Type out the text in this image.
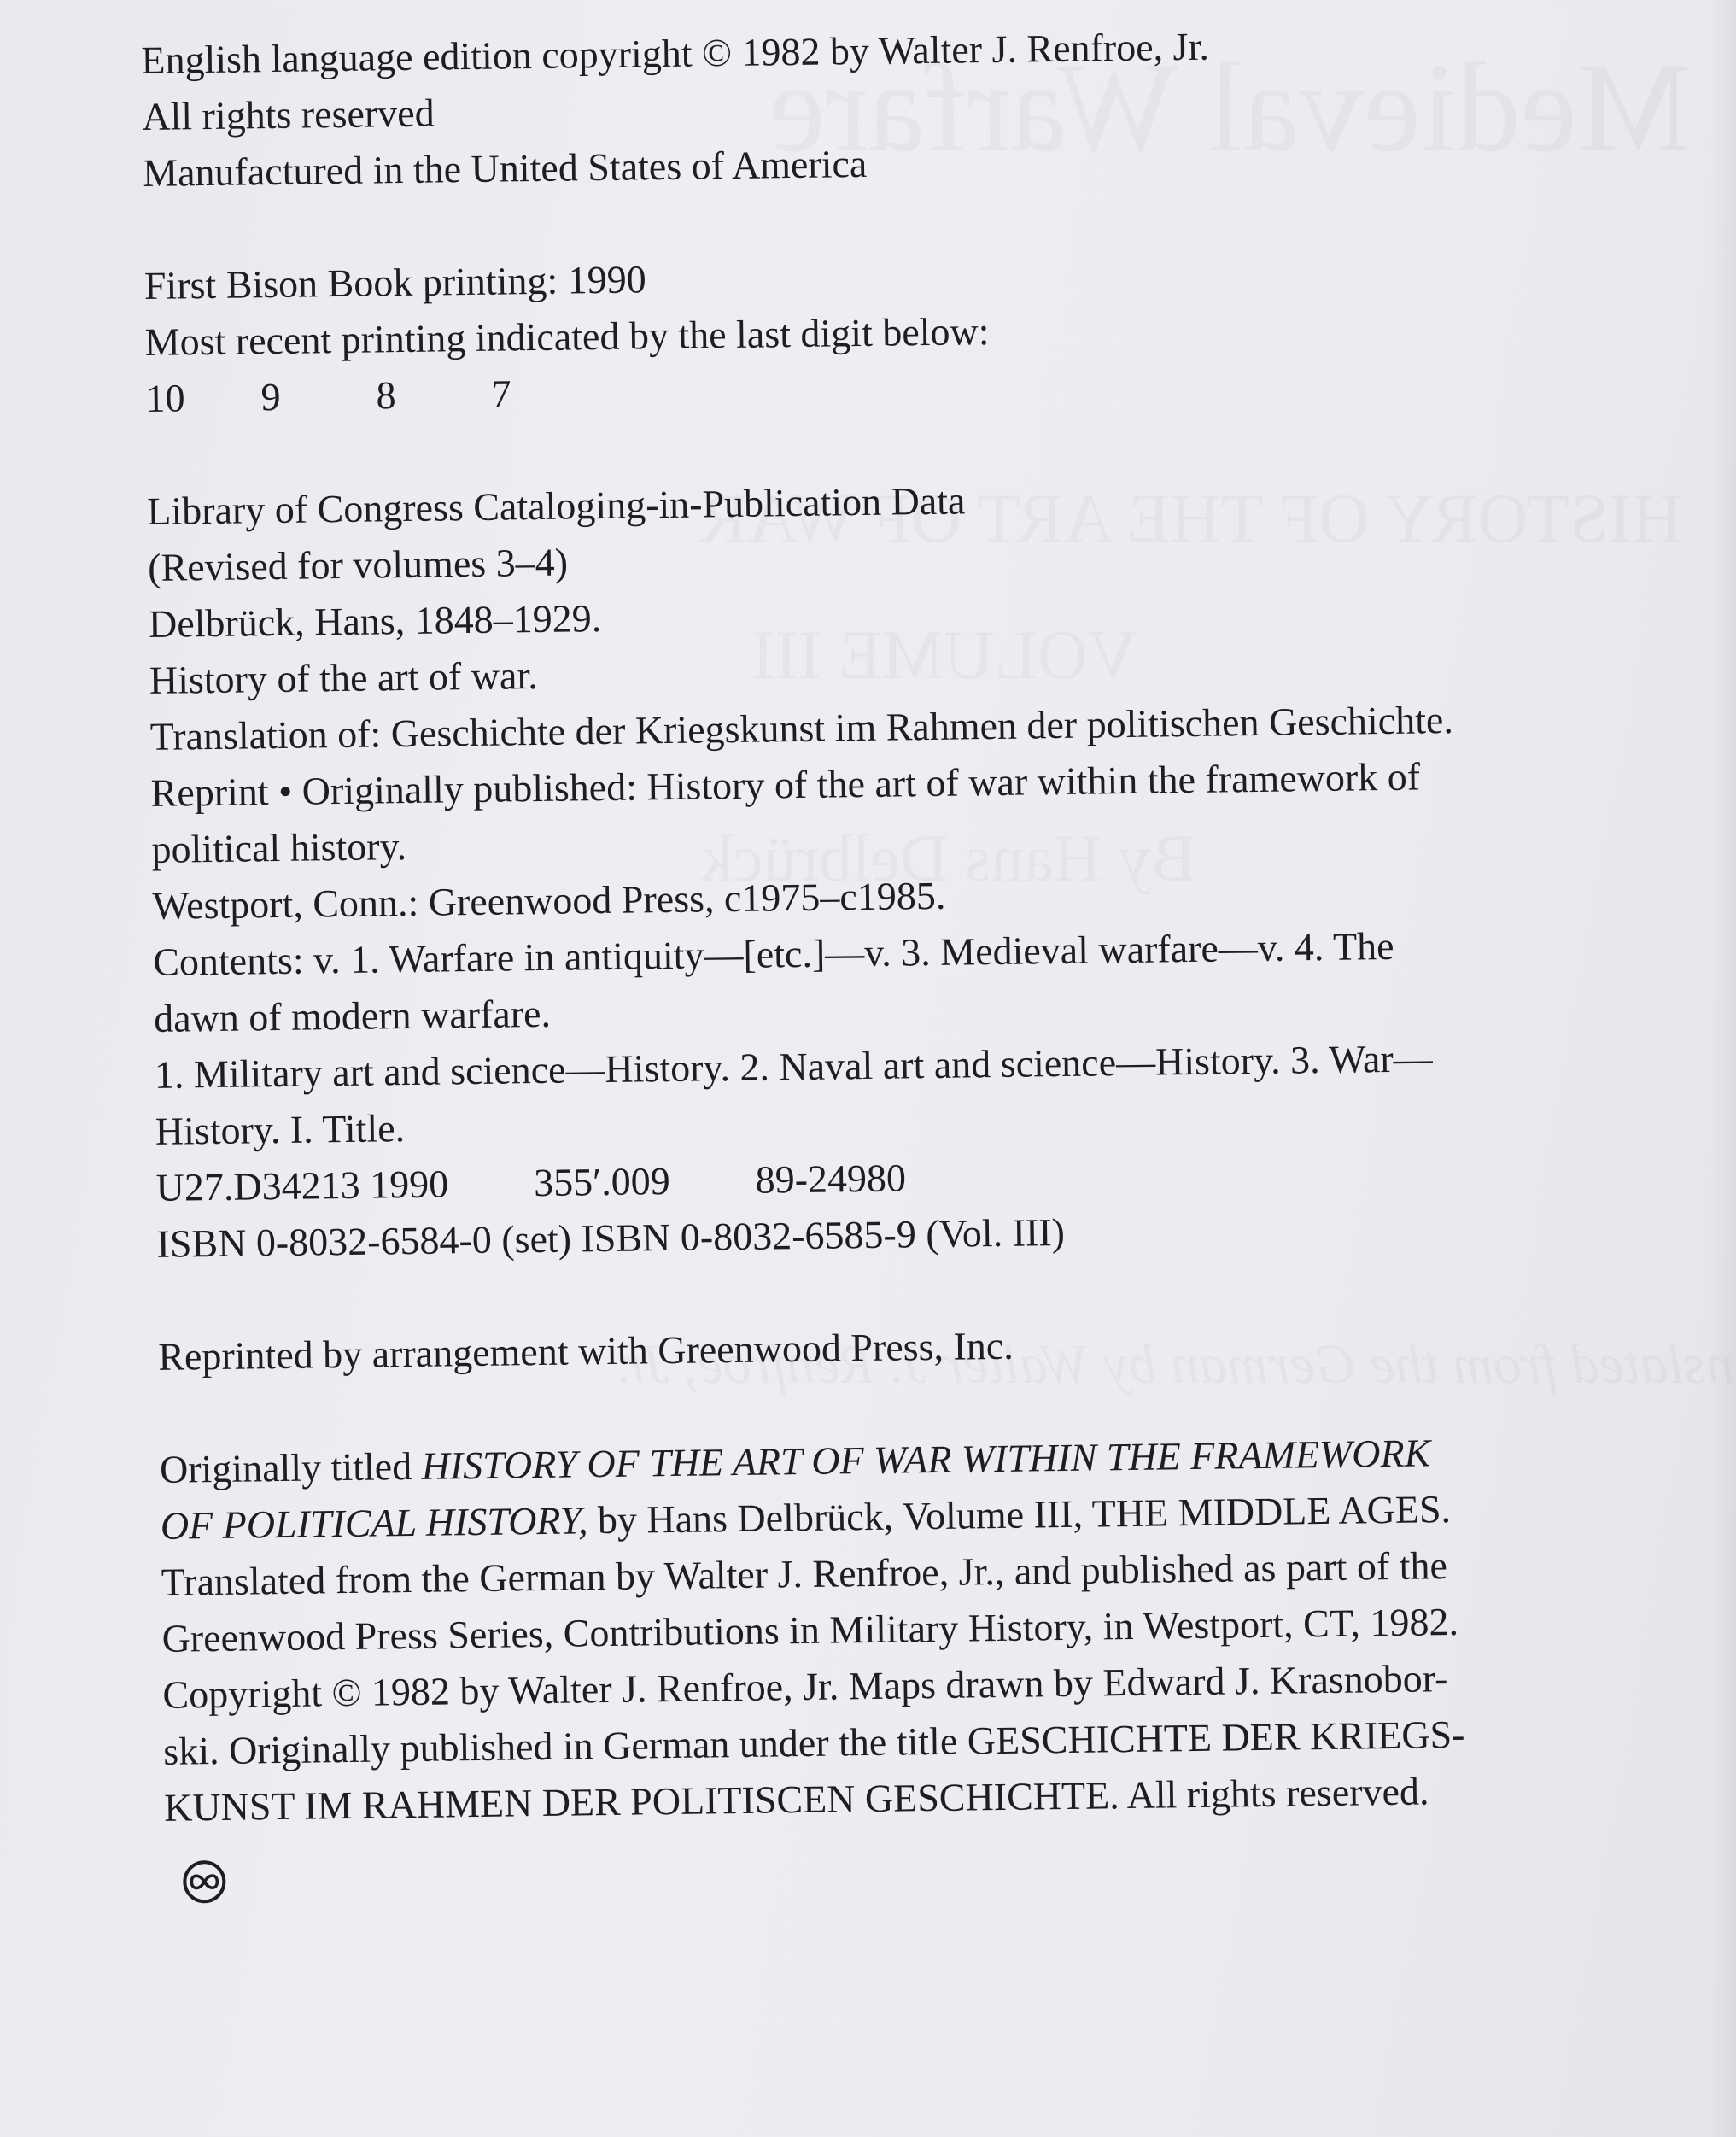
English language edition copyright © 1982 by Walter J. Renfroe, Jr.
All rights reserved
Manufactured in the United States of America
First Bison Book printing: 1990
Most recent printing indicated by the last digit below:
10 9 8 7
Library of Congress Cataloging-in-Publication Data
(Revised for volumes 3–4)
Delbrück, Hans, 1848–1929.
History of the art of war.
Translation of: Geschichte der Kriegskunst im Rahmen der politischen Geschichte.
Reprint • Originally published: History of the art of war within the framework of
political history.
Westport, Conn.: Greenwood Press, c1975–c1985.
Contents: v. 1. Warfare in antiquity—[etc.]—v. 3. Medieval warfare—v. 4. The
dawn of modern warfare.
1. Military art and science—History. 2. Naval art and science—History. 3. War—
History. I. Title.
U27.D34213 1990 355′.009 89-24980
ISBN 0-8032-6584-0 (set) ISBN 0-8032-6585-9 (Vol. III)
Reprinted by arrangement with Greenwood Press, Inc.
Originally titled HISTORY OF THE ART OF WAR WITHIN THE FRAMEWORK
OF POLITICAL HISTORY, by Hans Delbrück, Volume III, THE MIDDLE AGES.
Translated from the German by Walter J. Renfroe, Jr., and published as part of the
Greenwood Press Series, Contributions in Military History, in Westport, CT, 1982.
Copyright © 1982 by Walter J. Renfroe, Jr. Maps drawn by Edward J. Krasnobor-
ski. Originally published in German under the title GESCHICHTE DER KRIEGS-
KUNST IM RAHMEN DER POLITISCEN GESCHICHTE. All rights reserved.
